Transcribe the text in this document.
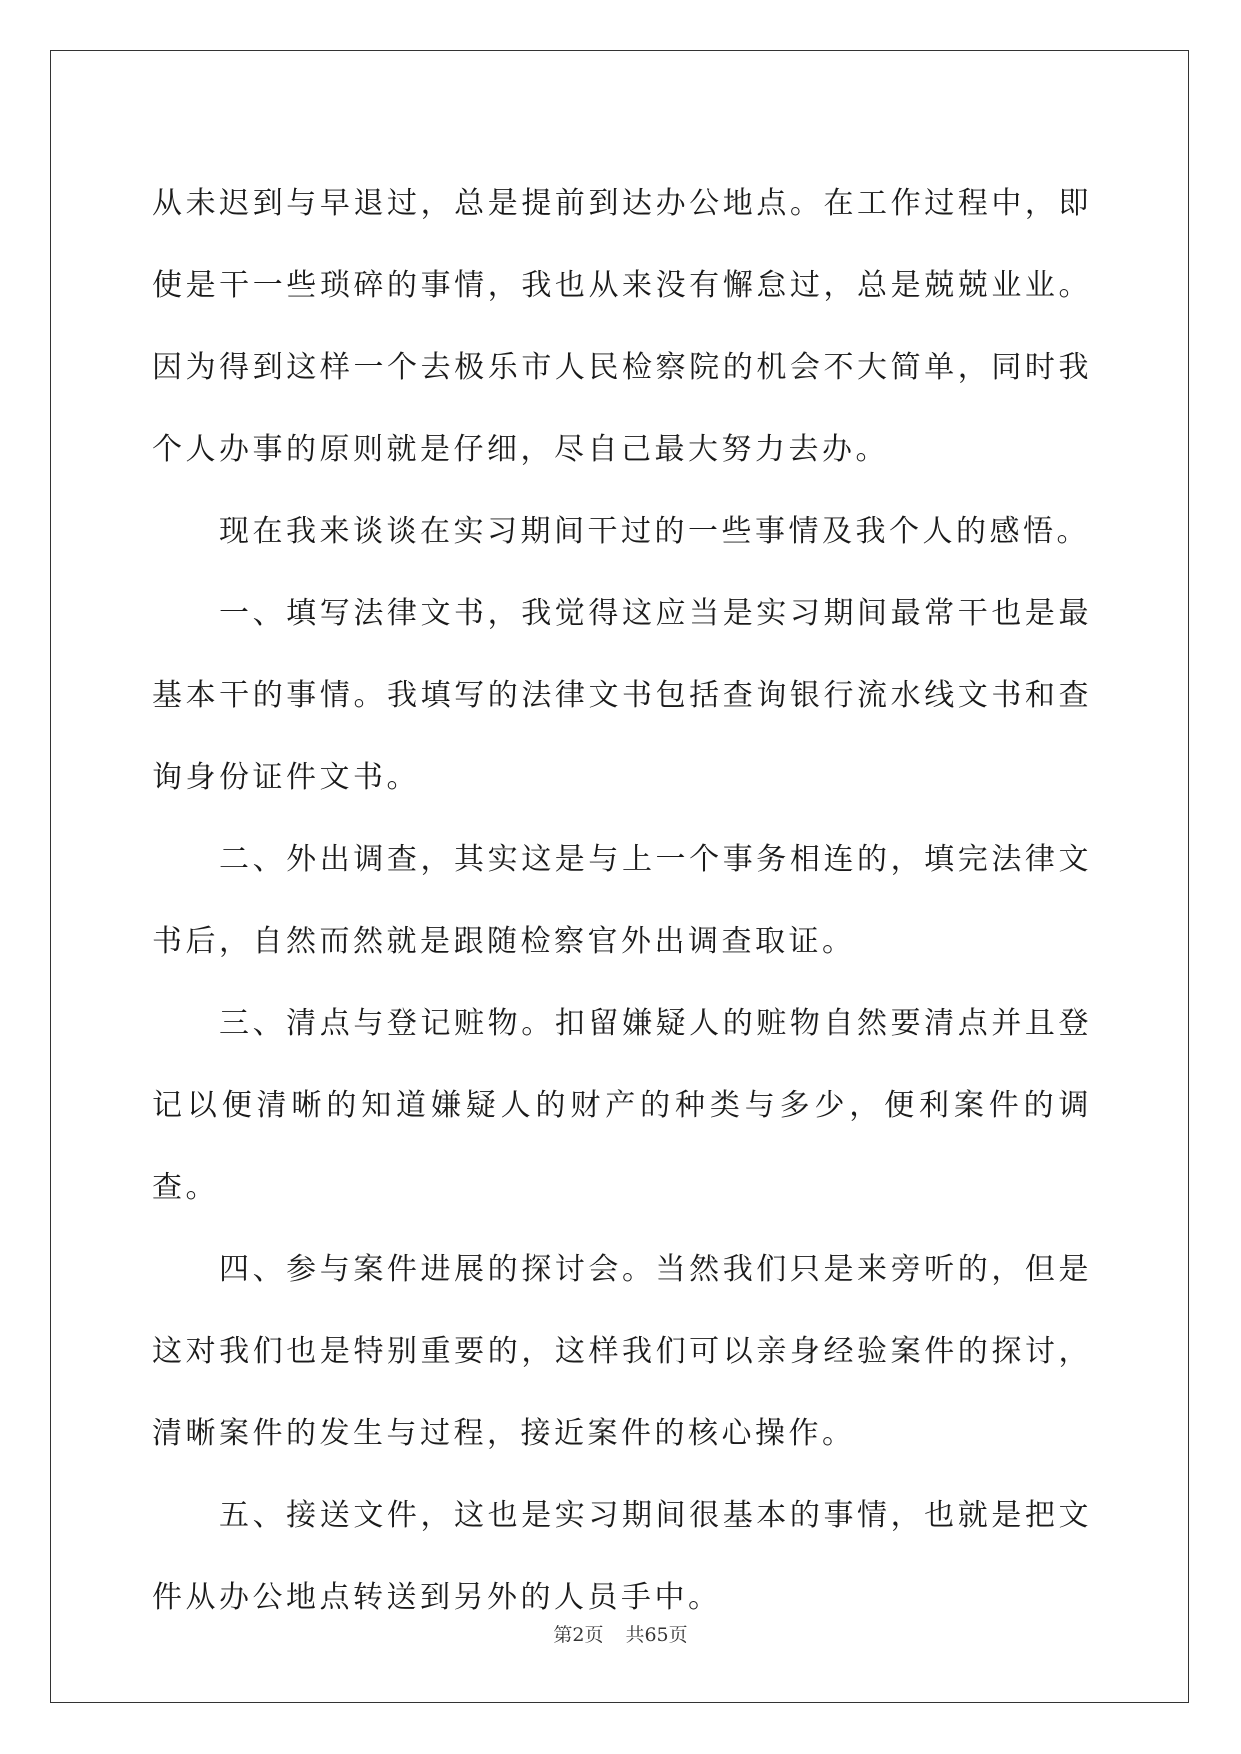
从未迟到与早退过，总是提前到达办公地点。在工作过程中，即使是干一些琐碎的事情，我也从来没有懈怠过，总是兢兢业业。因为得到这样一个去极乐市人民检察院的机会不大简单，同时我个人办事的原则就是仔细，尽自己最大努力去办。

现在我来谈谈在实习期间干过的一些事情及我个人的感悟。

一、填写法律文书，我觉得这应当是实习期间最常干也是最基本干的事情。我填写的法律文书包括查询银行流水线文书和查询身份证件文书。

二、外出调查，其实这是与上一个事务相连的，填完法律文书后，自然而然就是跟随检察官外出调查取证。

三、清点与登记赃物。扣留嫌疑人的赃物自然要清点并且登记以便清晰的知道嫌疑人的财产的种类与多少，便利案件的调查。

四、参与案件进展的探讨会。当然我们只是来旁听的，但是这对我们也是特别重要的，这样我们可以亲身经验案件的探讨，清晰案件的发生与过程，接近案件的核心操作。

五、接送文件，这也是实习期间很基本的事情，也就是把文件从办公地点转送到另外的人员手中。

第2页 共65页
